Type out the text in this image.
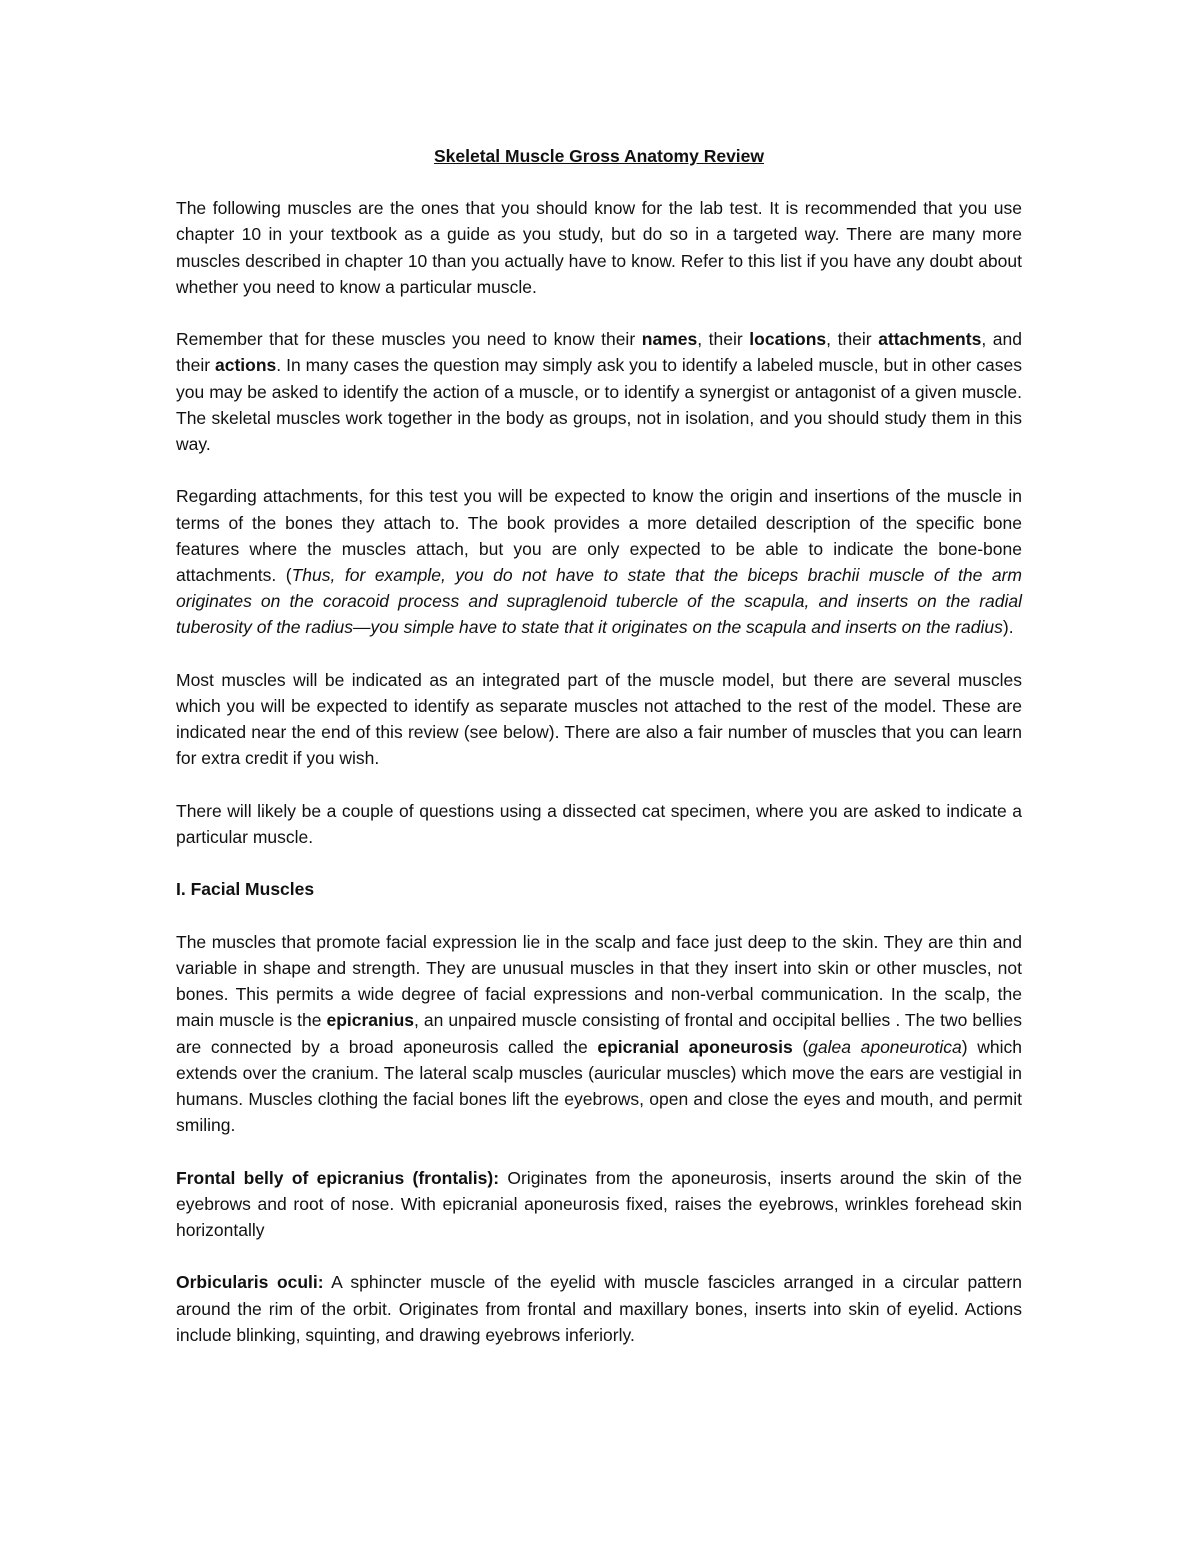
Skeletal Muscle Gross Anatomy Review

The following muscles are the ones that you should know for the lab test. It is recommended that you use chapter 10 in your textbook as a guide as you study, but do so in a targeted way. There are many more muscles described in chapter 10 than you actually have to know. Refer to this list if you have any doubt about whether you need to know a particular muscle.

Remember that for these muscles you need to know their names, their locations, their attachments, and their actions. In many cases the question may simply ask you to identify a labeled muscle, but in other cases you may be asked to identify the action of a muscle, or to identify a synergist or antagonist of a given muscle. The skeletal muscles work together in the body as groups, not in isolation, and you should study them in this way.

Regarding attachments, for this test you will be expected to know the origin and insertions of the muscle in terms of the bones they attach to. The book provides a more detailed description of the specific bone features where the muscles attach, but you are only expected to be able to indicate the bone-bone attachments. (Thus, for example, you do not have to state that the biceps brachii muscle of the arm originates on the coracoid process and supraglenoid tubercle of the scapula, and inserts on the radial tuberosity of the radius—you simple have to state that it originates on the scapula and inserts on the radius).

Most muscles will be indicated as an integrated part of the muscle model, but there are several muscles which you will be expected to identify as separate muscles not attached to the rest of the model. These are indicated near the end of this review (see below). There are also a fair number of muscles that you can learn for extra credit if you wish.

There will likely be a couple of questions using a dissected cat specimen, where you are asked to indicate a particular muscle.

I. Facial Muscles

The muscles that promote facial expression lie in the scalp and face just deep to the skin. They are thin and variable in shape and strength. They are unusual muscles in that they insert into skin or other muscles, not bones. This permits a wide degree of facial expressions and non-verbal communication. In the scalp, the main muscle is the epicranius, an unpaired muscle consisting of frontal and occipital bellies . The two bellies are connected by a broad aponeurosis called the epicranial aponeurosis (galea aponeurotica) which extends over the cranium. The lateral scalp muscles (auricular muscles) which move the ears are vestigial in humans. Muscles clothing the facial bones lift the eyebrows, open and close the eyes and mouth, and permit smiling.

Frontal belly of epicranius (frontalis): Originates from the aponeurosis, inserts around the skin of the eyebrows and root of nose. With epicranial aponeurosis fixed, raises the eyebrows, wrinkles forehead skin horizontally

Orbicularis oculi: A sphincter muscle of the eyelid with muscle fascicles arranged in a circular pattern around the rim of the orbit. Originates from frontal and maxillary bones, inserts into skin of eyelid. Actions include blinking, squinting, and drawing eyebrows inferiorly.
